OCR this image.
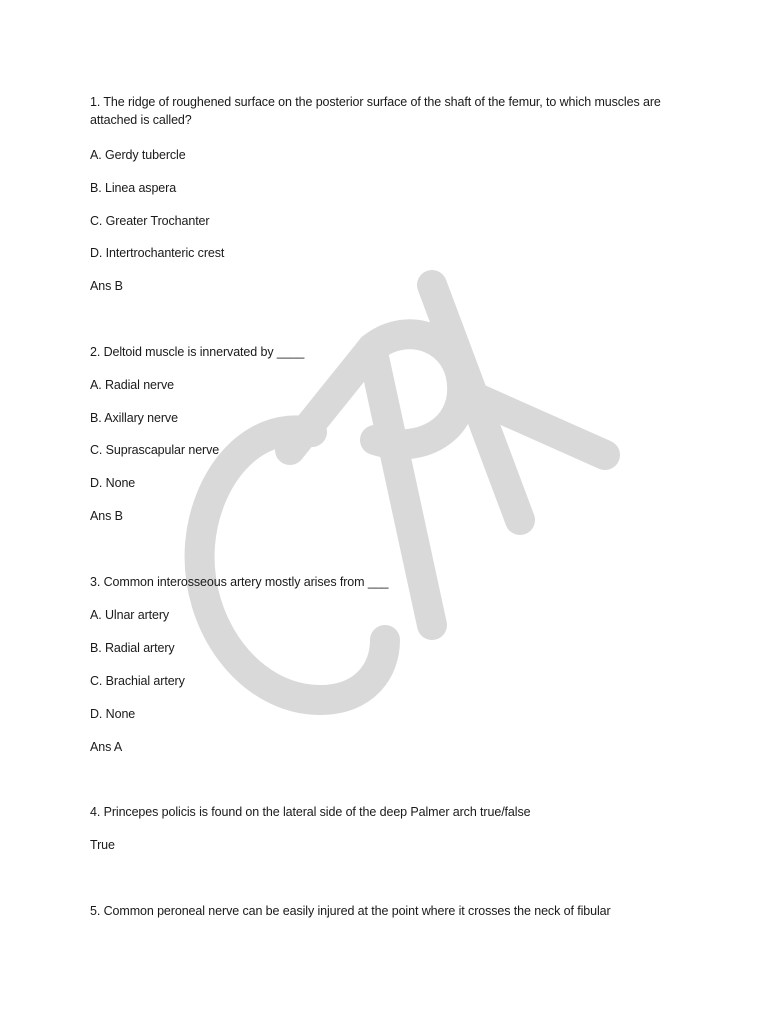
1. The ridge of roughened surface on the posterior surface of the shaft of the femur, to which muscles are attached is called?
A. Gerdy tubercle
B. Linea aspera
C. Greater Trochanter
D. Intertrochanteric crest
Ans B
2. Deltoid muscle is innervated by ____
A. Radial nerve
B. Axillary nerve
C. Suprascapular nerve
D. None
Ans B
3. Common interosseous artery mostly arises from ___
A. Ulnar artery
B. Radial artery
C. Brachial artery
D. None
Ans A
4. Princepes policis is found on the lateral side of the deep Palmer arch true/false
True
5. Common peroneal nerve can be easily injured at the point where it crosses the neck of fibular
